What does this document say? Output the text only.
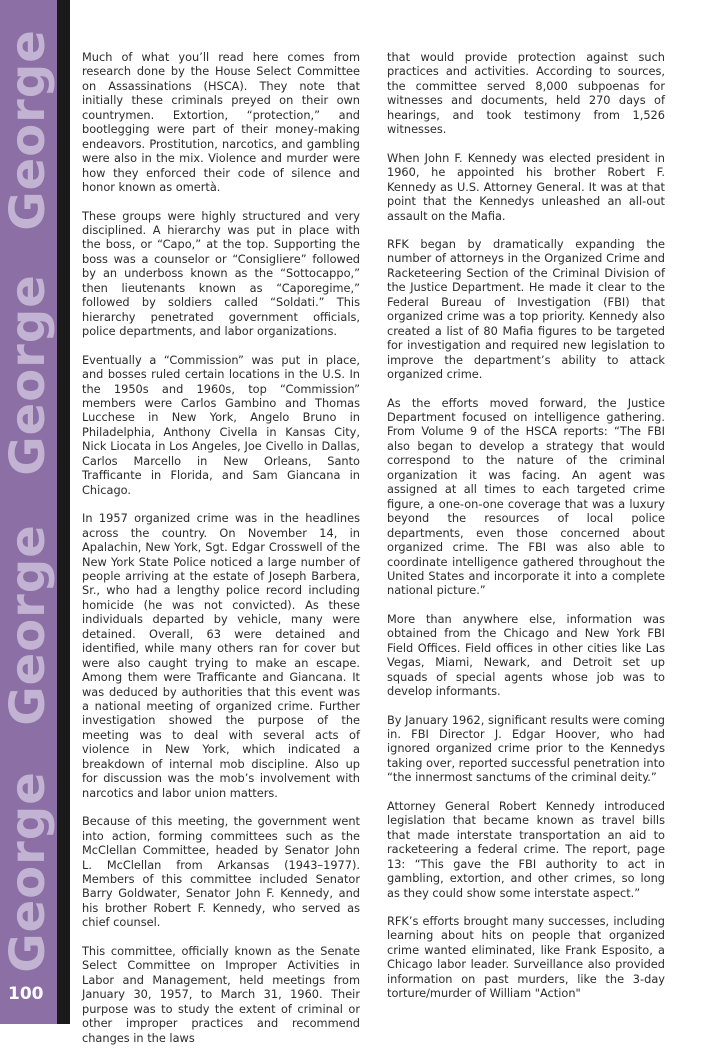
George
George
George
George
100

Much of what you’ll read here comes from research done by the House Select Committee on Assassinations (HSCA). They note that initially these criminals preyed on their own countrymen. Extortion, “protection,” and bootlegging were part of their money-making endeavors. Prostitution, narcotics, and gambling were also in the mix. Violence and murder were how they enforced their code of silence and honor known as omertà.

These groups were highly structured and very disciplined. A hierarchy was put in place with the boss, or “Capo,” at the top. Supporting the boss was a counselor or “Consigliere” followed by an underboss known as the “Sottocappo,” then lieutenants known as “Caporegime,” followed by soldiers called “Soldati.” This hierarchy penetrated government officials, police departments, and labor organizations.

Eventually a “Commission” was put in place, and bosses ruled certain locations in the U.S. In the 1950s and 1960s, top “Commission” members were Carlos Gambino and Thomas Lucchese in New York, Angelo Bruno in Philadelphia, Anthony Civella in Kansas City, Nick Liocata in Los Angeles, Joe Civello in Dallas, Carlos Marcello in New Orleans, Santo Trafficante in Florida, and Sam Giancana in Chicago.

In 1957 organized crime was in the headlines across the country. On November 14, in Apalachin, New York, Sgt. Edgar Crosswell of the New York State Police noticed a large number of people arriving at the estate of Joseph Barbera, Sr., who had a lengthy police record including homicide (he was not convicted). As these individuals departed by vehicle, many were detained. Overall, 63 were detained and identified, while many others ran for cover but were also caught trying to make an escape. Among them were Trafficante and Giancana. It was deduced by authorities that this event was a national meeting of organized crime. Further investigation showed the purpose of the meeting was to deal with several acts of violence in New York, which indicated a breakdown of internal mob discipline. Also up for discussion was the mob’s involvement with narcotics and labor union matters.

Because of this meeting, the government went into action, forming committees such as the McClellan Committee, headed by Senator John L. McClellan from Arkansas (1943–1977). Members of this committee included Senator Barry Goldwater, Senator John F. Kennedy, and his brother Robert F. Kennedy, who served as chief counsel.

This committee, officially known as the Senate Select Committee on Improper Activities in Labor and Management, held meetings from January 30, 1957, to March 31, 1960. Their purpose was to study the extent of criminal or other improper practices and recommend changes in the laws

that would provide protection against such practices and activities. According to sources, the committee served 8,000 subpoenas for witnesses and documents, held 270 days of hearings, and took testimony from 1,526 witnesses.

When John F. Kennedy was elected president in 1960, he appointed his brother Robert F. Kennedy as U.S. Attorney General. It was at that point that the Kennedys unleashed an all-out assault on the Mafia.

RFK began by dramatically expanding the number of attorneys in the Organized Crime and Racketeering Section of the Criminal Division of the Justice Department. He made it clear to the Federal Bureau of Investigation (FBI) that organized crime was a top priority. Kennedy also created a list of 80 Mafia figures to be targeted for investigation and required new legislation to improve the department’s ability to attack organized crime.

As the efforts moved forward, the Justice Department focused on intelligence gathering. From Volume 9 of the HSCA reports: “The FBI also began to develop a strategy that would correspond to the nature of the criminal organization it was facing. An agent was assigned at all times to each targeted crime figure, a one-on-one coverage that was a luxury beyond the resources of local police departments, even those concerned about organized crime. The FBI was also able to coordinate intelligence gathered throughout the United States and incorporate it into a complete national picture.”

More than anywhere else, information was obtained from the Chicago and New York FBI Field Offices. Field offices in other cities like Las Vegas, Miami, Newark, and Detroit set up squads of special agents whose job was to develop informants.

By January 1962, significant results were coming in. FBI Director J. Edgar Hoover, who had ignored organized crime prior to the Kennedys taking over, reported successful penetration into “the innermost sanctums of the criminal deity.”

Attorney General Robert Kennedy introduced legislation that became known as travel bills that made interstate transportation an aid to racketeering a federal crime. The report, page 13: “This gave the FBI authority to act in gambling, extortion, and other crimes, so long as they could show some interstate aspect.”

RFK’s efforts brought many successes, including learning about hits on people that organized crime wanted eliminated, like Frank Esposito, a Chicago labor leader. Surveillance also provided information on past murders, like the 3-day torture/murder of William "Action"
